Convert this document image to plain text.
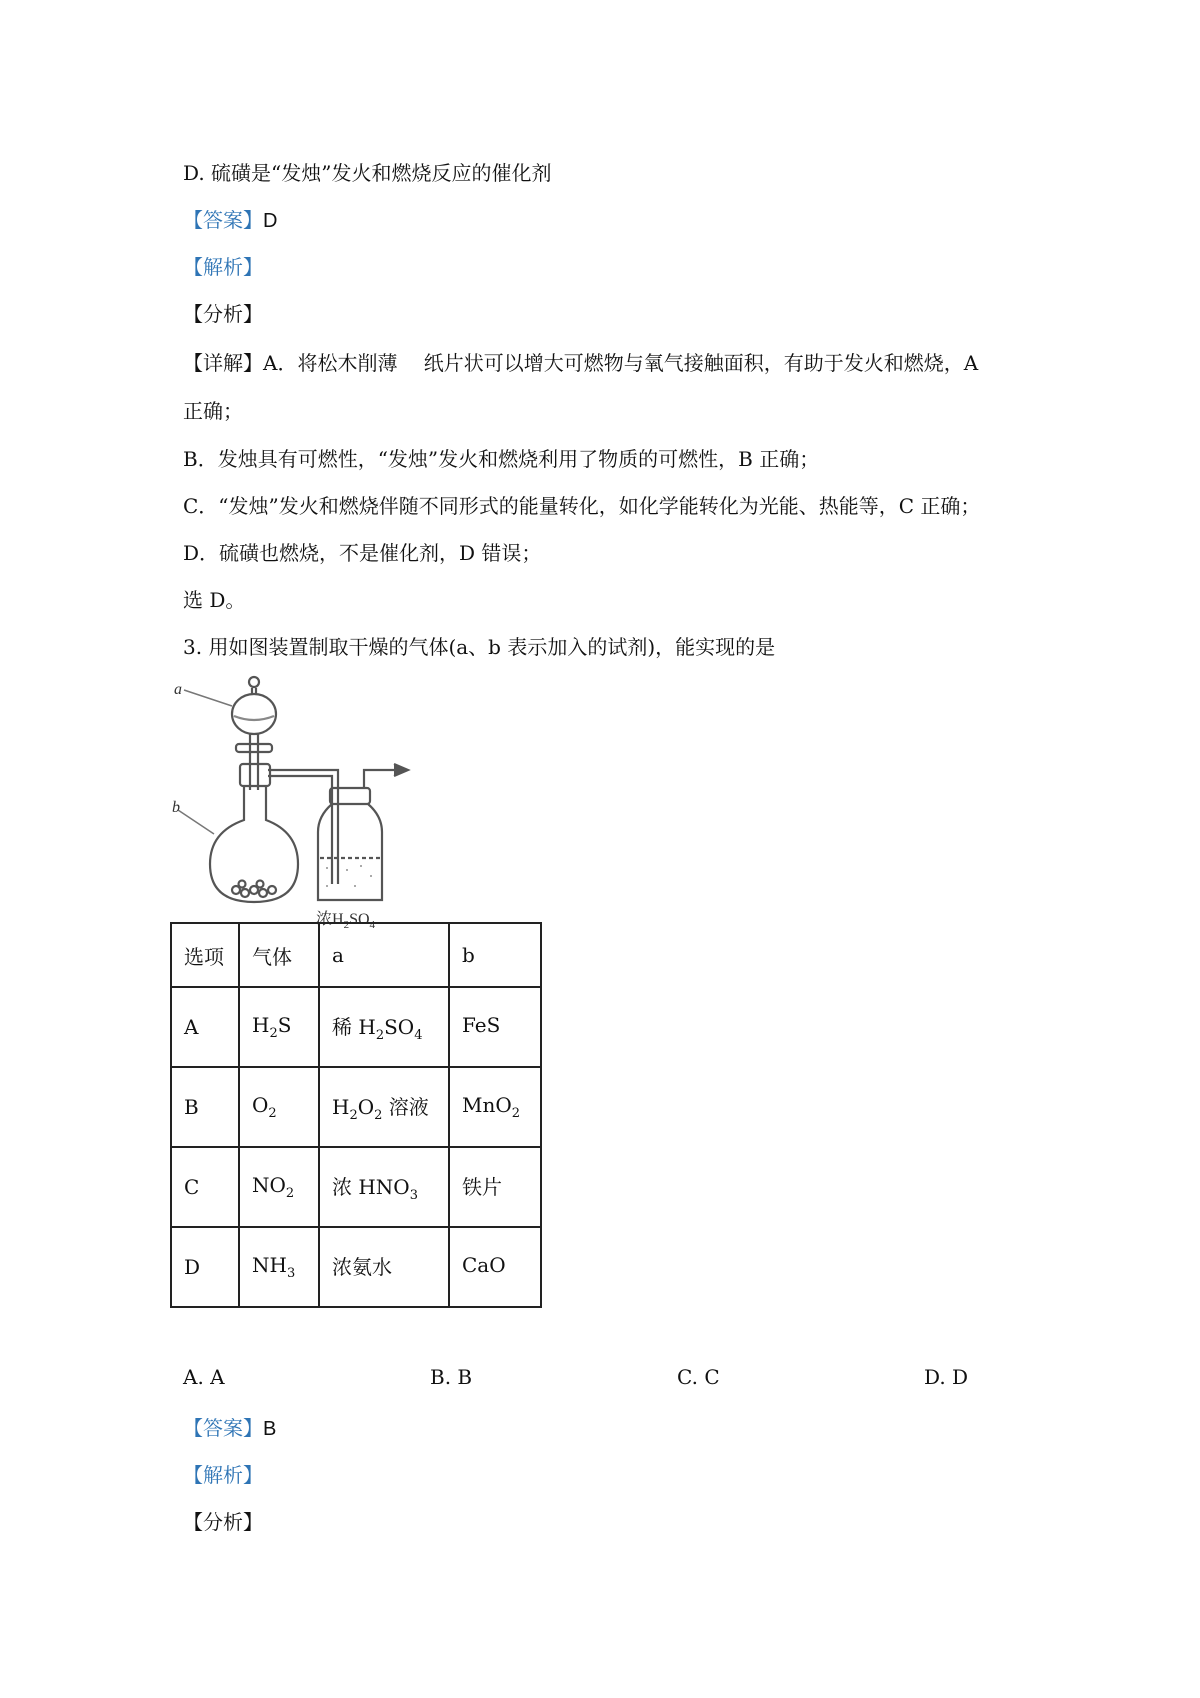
D. 硫磺是“发烛”发火和燃烧反应的催化剂
【答案】D
【解析】
【分析】
【详解】A．将松木削薄　 纸片状可以增大可燃物与氧气接触面积，有助于发火和燃烧，A
正确；
B．发烛具有可燃性，“发烛”发火和燃烧利用了物质的可燃性，B 正确；
C．“发烛”发火和燃烧伴随不同形式的能量转化，如化学能转化为光能、热能等，C 正确；
D．硫磺也燃烧，不是催化剂，D 错误；
选 D。
3. 用如图装置制取干燥的气体(a、b 表示加入的试剂)，能实现的是
a
b
浓$H_2SO_4$
选项	气体	a	b
A	$H_2S$	稀 $H_2SO_4$	FeS
B	$O_2$	$H_2O_2$ 溶液	MnO$_2$
C	$NO_2$	浓 $HNO_3$	铁片
D	$NH_3$	浓氨水	CaO
A. A	B. B	C. C	D. D
【答案】B
【解析】
【分析】
